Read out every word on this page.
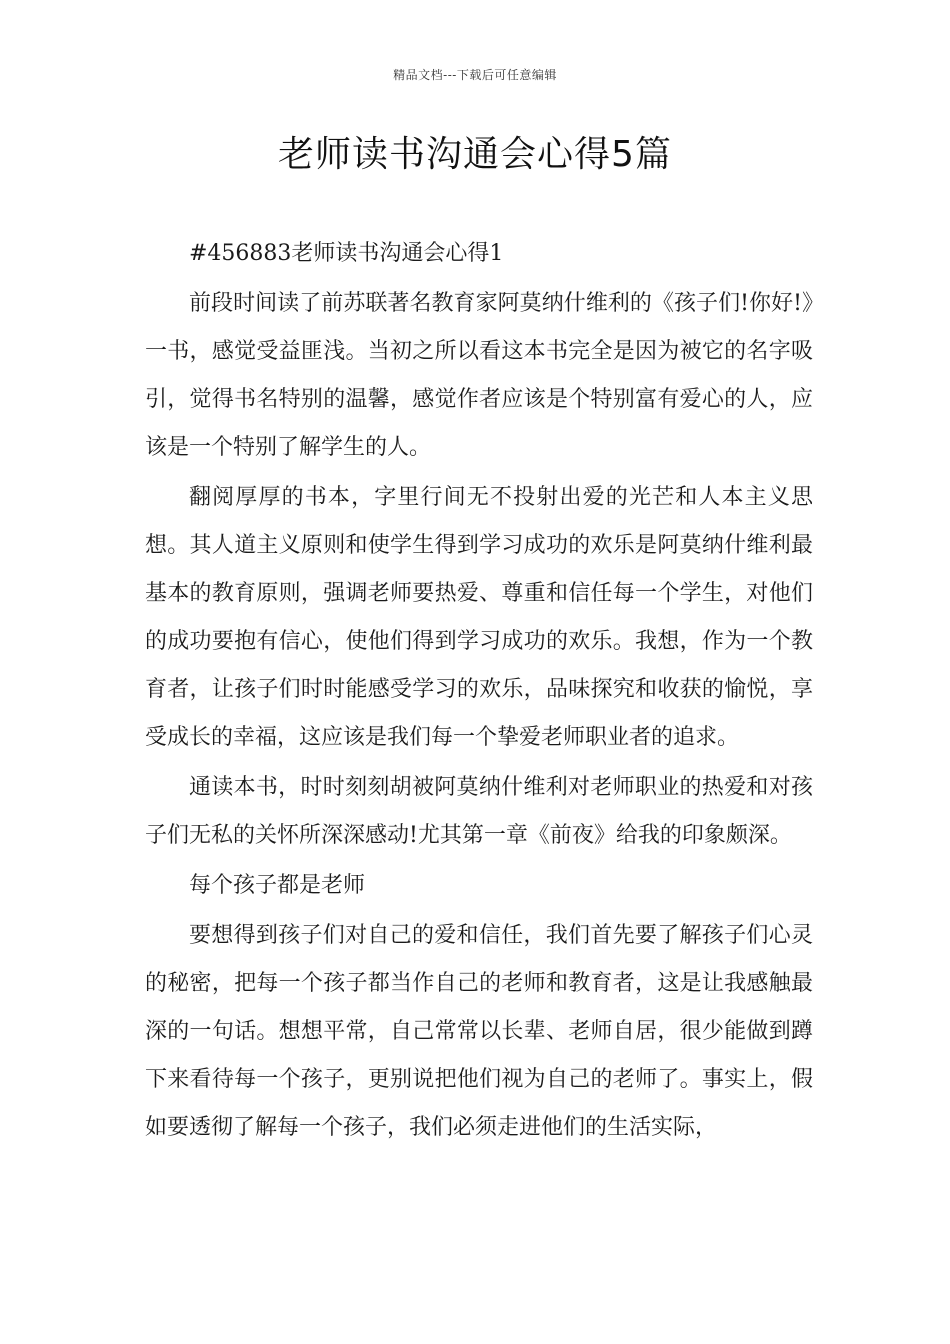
精品文档---下载后可任意编辑
老师读书沟通会心得5篇

#456883老师读书沟通会心得1

前段时间读了前苏联著名教育家阿莫纳什维利的《孩子们!你好!》一书，感觉受益匪浅。当初之所以看这本书完全是因为被它的名字吸引，觉得书名特别的温馨，感觉作者应该是个特别富有爱心的人，应该是一个特别了解学生的人。

翻阅厚厚的书本，字里行间无不投射出爱的光芒和人本主义思想。其人道主义原则和使学生得到学习成功的欢乐是阿莫纳什维利最基本的教育原则，强调老师要热爱、尊重和信任每一个学生，对他们的成功要抱有信心，使他们得到学习成功的欢乐。我想，作为一个教育者，让孩子们时时能感受学习的欢乐，品味探究和收获的愉悦，享受成长的幸福，这应该是我们每一个挚爱老师职业者的追求。

通读本书，时时刻刻胡被阿莫纳什维利对老师职业的热爱和对孩子们无私的关怀所深深感动!尤其第一章《前夜》给我的印象颇深。

每个孩子都是老师

要想得到孩子们对自己的爱和信任，我们首先要了解孩子们心灵的秘密，把每一个孩子都当作自己的老师和教育者，这是让我感触最深的一句话。想想平常，自己常常以长辈、老师自居，很少能做到蹲下来看待每一个孩子，更别说把他们视为自己的老师了。事实上，假如要透彻了解每一个孩子，我们必须走进他们的生活实际，
